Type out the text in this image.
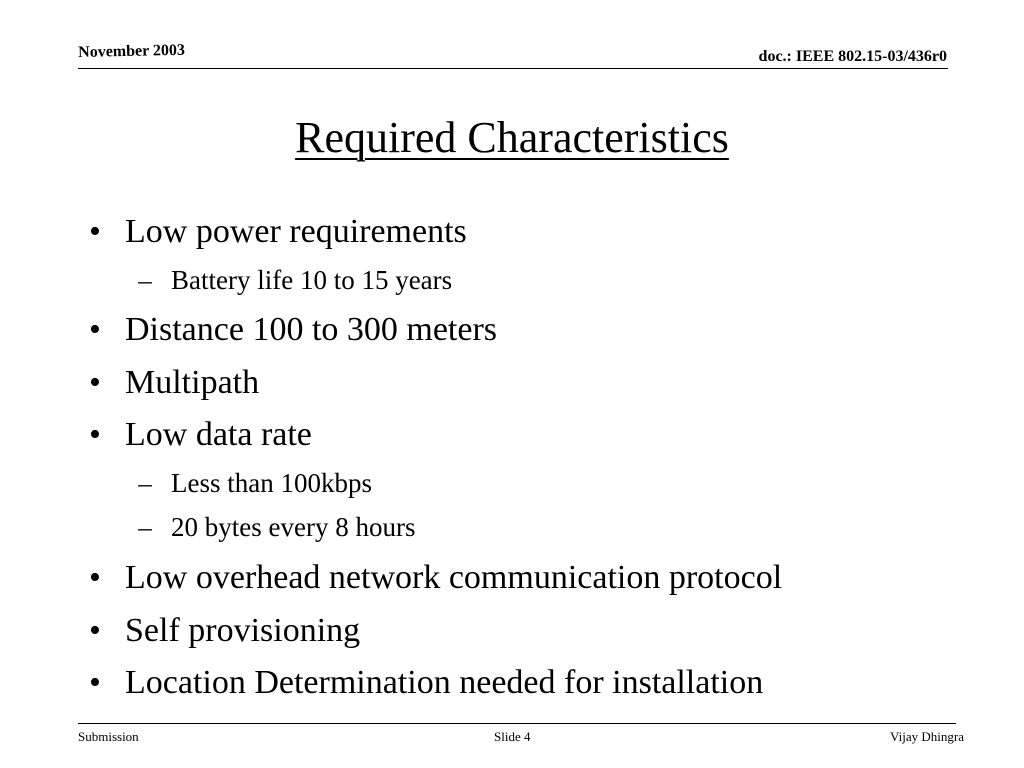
November 2003	doc.: IEEE 802.15-03/436r0
Required Characteristics
• Low power requirements
– Battery life 10 to 15 years
• Distance 100 to 300 meters
• Multipath
• Low data rate
– Less than 100kbps
– 20 bytes every 8 hours
• Low overhead network communication protocol
• Self provisioning
• Location Determination needed for installation
Submission	Slide 4	Vijay Dhingra
